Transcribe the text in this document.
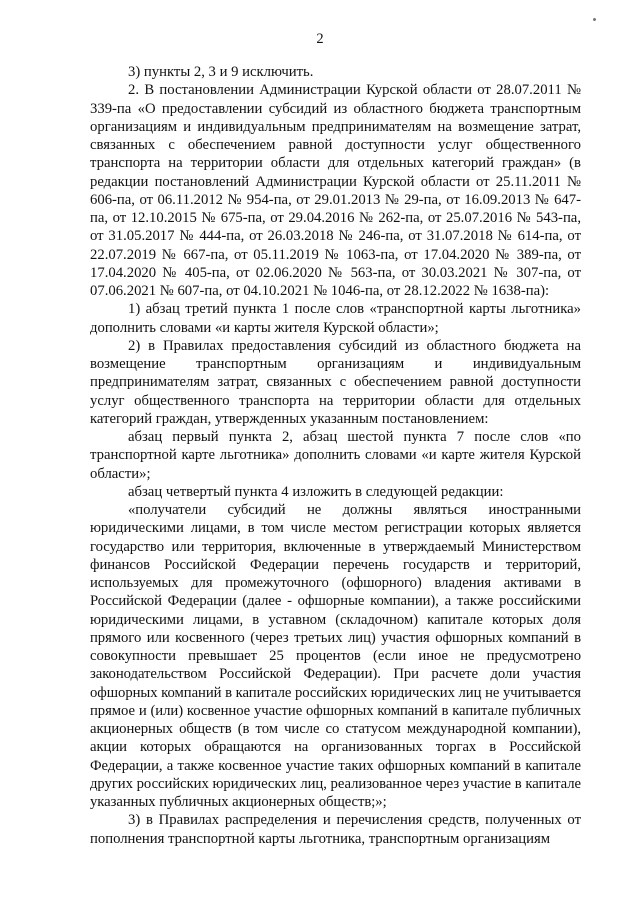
2

3) пункты 2, 3 и 9 исключить.

2. В постановлении Администрации Курской области от 28.07.2011 № 339-па «О предоставлении субсидий из областного бюджета транспортным организациям и индивидуальным предпринимателям на возмещение затрат, связанных с обеспечением равной доступности услуг общественного транспорта на территории области для отдельных категорий граждан» (в редакции постановлений Администрации Курской области от 25.11.2011 № 606-па, от 06.11.2012 № 954-па, от 29.01.2013 № 29-па, от 16.09.2013 № 647-па, от 12.10.2015 № 675-па, от 29.04.2016 № 262-па, от 25.07.2016 № 543-па, от 31.05.2017 № 444-па, от 26.03.2018 № 246-па, от 31.07.2018 № 614-па, от 22.07.2019 № 667-па, от 05.11.2019 № 1063-па, от 17.04.2020 № 389-па, от 17.04.2020 № 405-па, от 02.06.2020 № 563-па, от 30.03.2021 № 307-па, от 07.06.2021 № 607-па, от 04.10.2021 № 1046-па, от 28.12.2022 № 1638-па):

1) абзац третий пункта 1 после слов «транспортной карты льготника» дополнить словами «и карты жителя Курской области»;

2) в Правилах предоставления субсидий из областного бюджета на возмещение транспортным организациям и индивидуальным предпринимателям затрат, связанных с обеспечением равной доступности услуг общественного транспорта на территории области для отдельных категорий граждан, утвержденных указанным постановлением:

абзац первый пункта 2, абзац шестой пункта 7 после слов «по транспортной карте льготника» дополнить словами «и карте жителя Курской области»;

абзац четвертый пункта 4 изложить в следующей редакции:

«получатели субсидий не должны являться иностранными юридическими лицами, в том числе местом регистрации которых является государство или территория, включенные в утверждаемый Министерством финансов Российской Федерации перечень государств и территорий, используемых для промежуточного (офшорного) владения активами в Российской Федерации (далее - офшорные компании), а также российскими юридическими лицами, в уставном (складочном) капитале которых доля прямого или косвенного (через третьих лиц) участия офшорных компаний в совокупности превышает 25 процентов (если иное не предусмотрено законодательством Российской Федерации). При расчете доли участия офшорных компаний в капитале российских юридических лиц не учитывается прямое и (или) косвенное участие офшорных компаний в капитале публичных акционерных обществ (в том числе со статусом международной компании), акции которых обращаются на организованных торгах в Российской Федерации, а также косвенное участие таких офшорных компаний в капитале других российских юридических лиц, реализованное через участие в капитале указанных публичных акционерных обществ;»;

3) в Правилах распределения и перечисления средств, полученных от пополнения транспортной карты льготника, транспортным организациям
